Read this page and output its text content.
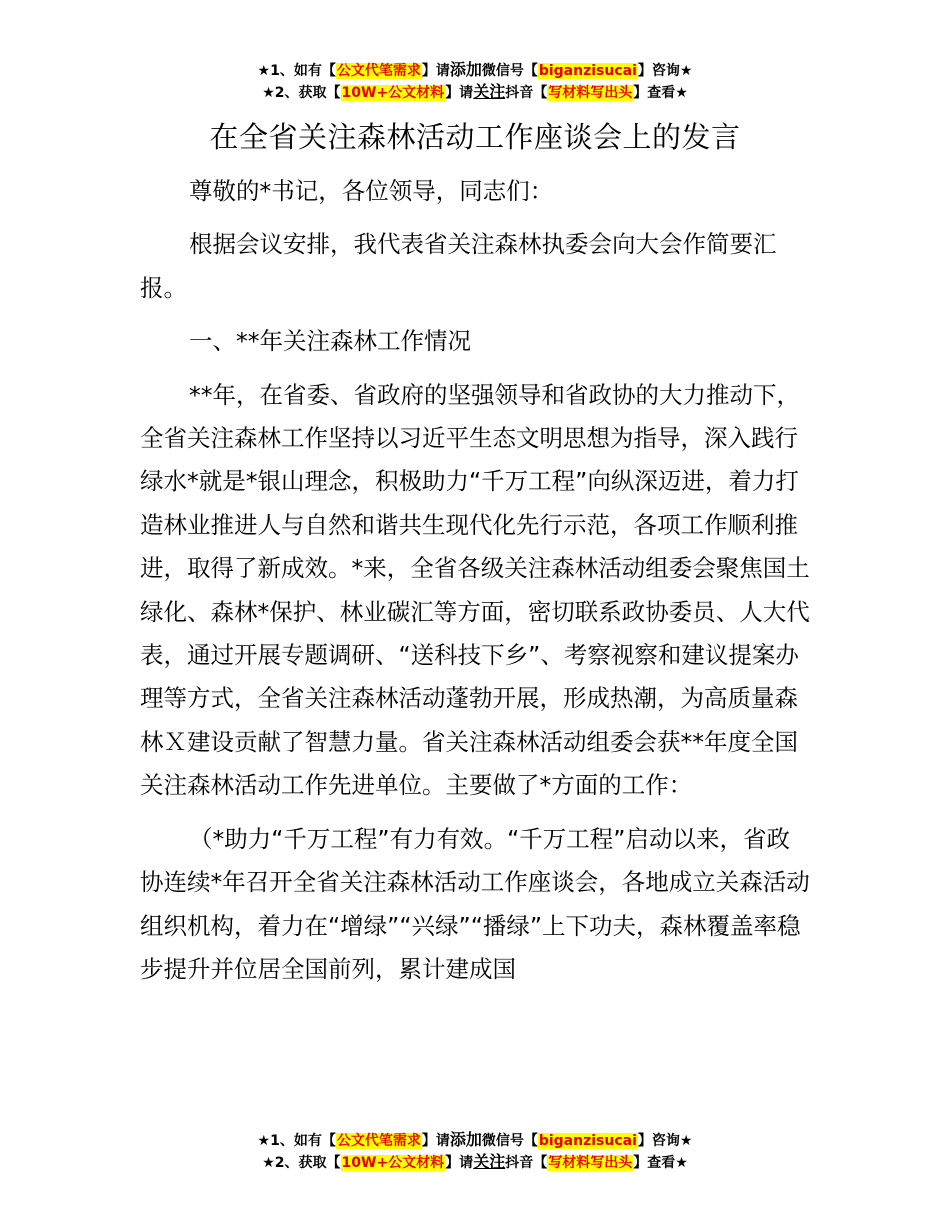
★1、如有【公文代笔需求】请添加微信号【biganzisucai】咨询★
★2、获取【10W+公文材料】请关注抖音【写材料写出头】查看★
在全省关注森林活动工作座谈会上的发言

尊敬的*书记，各位领导，同志们：

根据会议安排，我代表省关注森林执委会向大会作简要汇报。

一、**年关注森林工作情况

**年，在省委、省政府的坚强领导和省政协的大力推动下，全省关注森林工作坚持以习近平生态文明思想为指导，深入践行绿水*就是*银山理念，积极助力“千万工程”向纵深迈进，着力打造林业推进人与自然和谐共生现代化先行示范，各项工作顺利推进，取得了新成效。*来，全省各级关注森林活动组委会聚焦国土绿化、森林*保护、林业碳汇等方面，密切联系政协委员、人大代表，通过开展专题调研、“送科技下乡”、考察视察和建议提案办理等方式，全省关注森林活动蓬勃开展，形成热潮，为高质量森林Ｘ建设贡献了智慧力量。省关注森林活动组委会获**年度全国关注森林活动工作先进单位。主要做了*方面的工作：

（*助力“千万工程”有力有效。“千万工程”启动以来，省政协连续*年召开全省关注森林活动工作座谈会，各地成立关森活动组织机构，着力在“增绿”“兴绿”“播绿”上下功夫，森林覆盖率稳步提升并位居全国前列，累计建成国

★1、如有【公文代笔需求】请添加微信号【biganzisucai】咨询★
★2、获取【10W+公文材料】请关注抖音【写材料写出头】查看★
